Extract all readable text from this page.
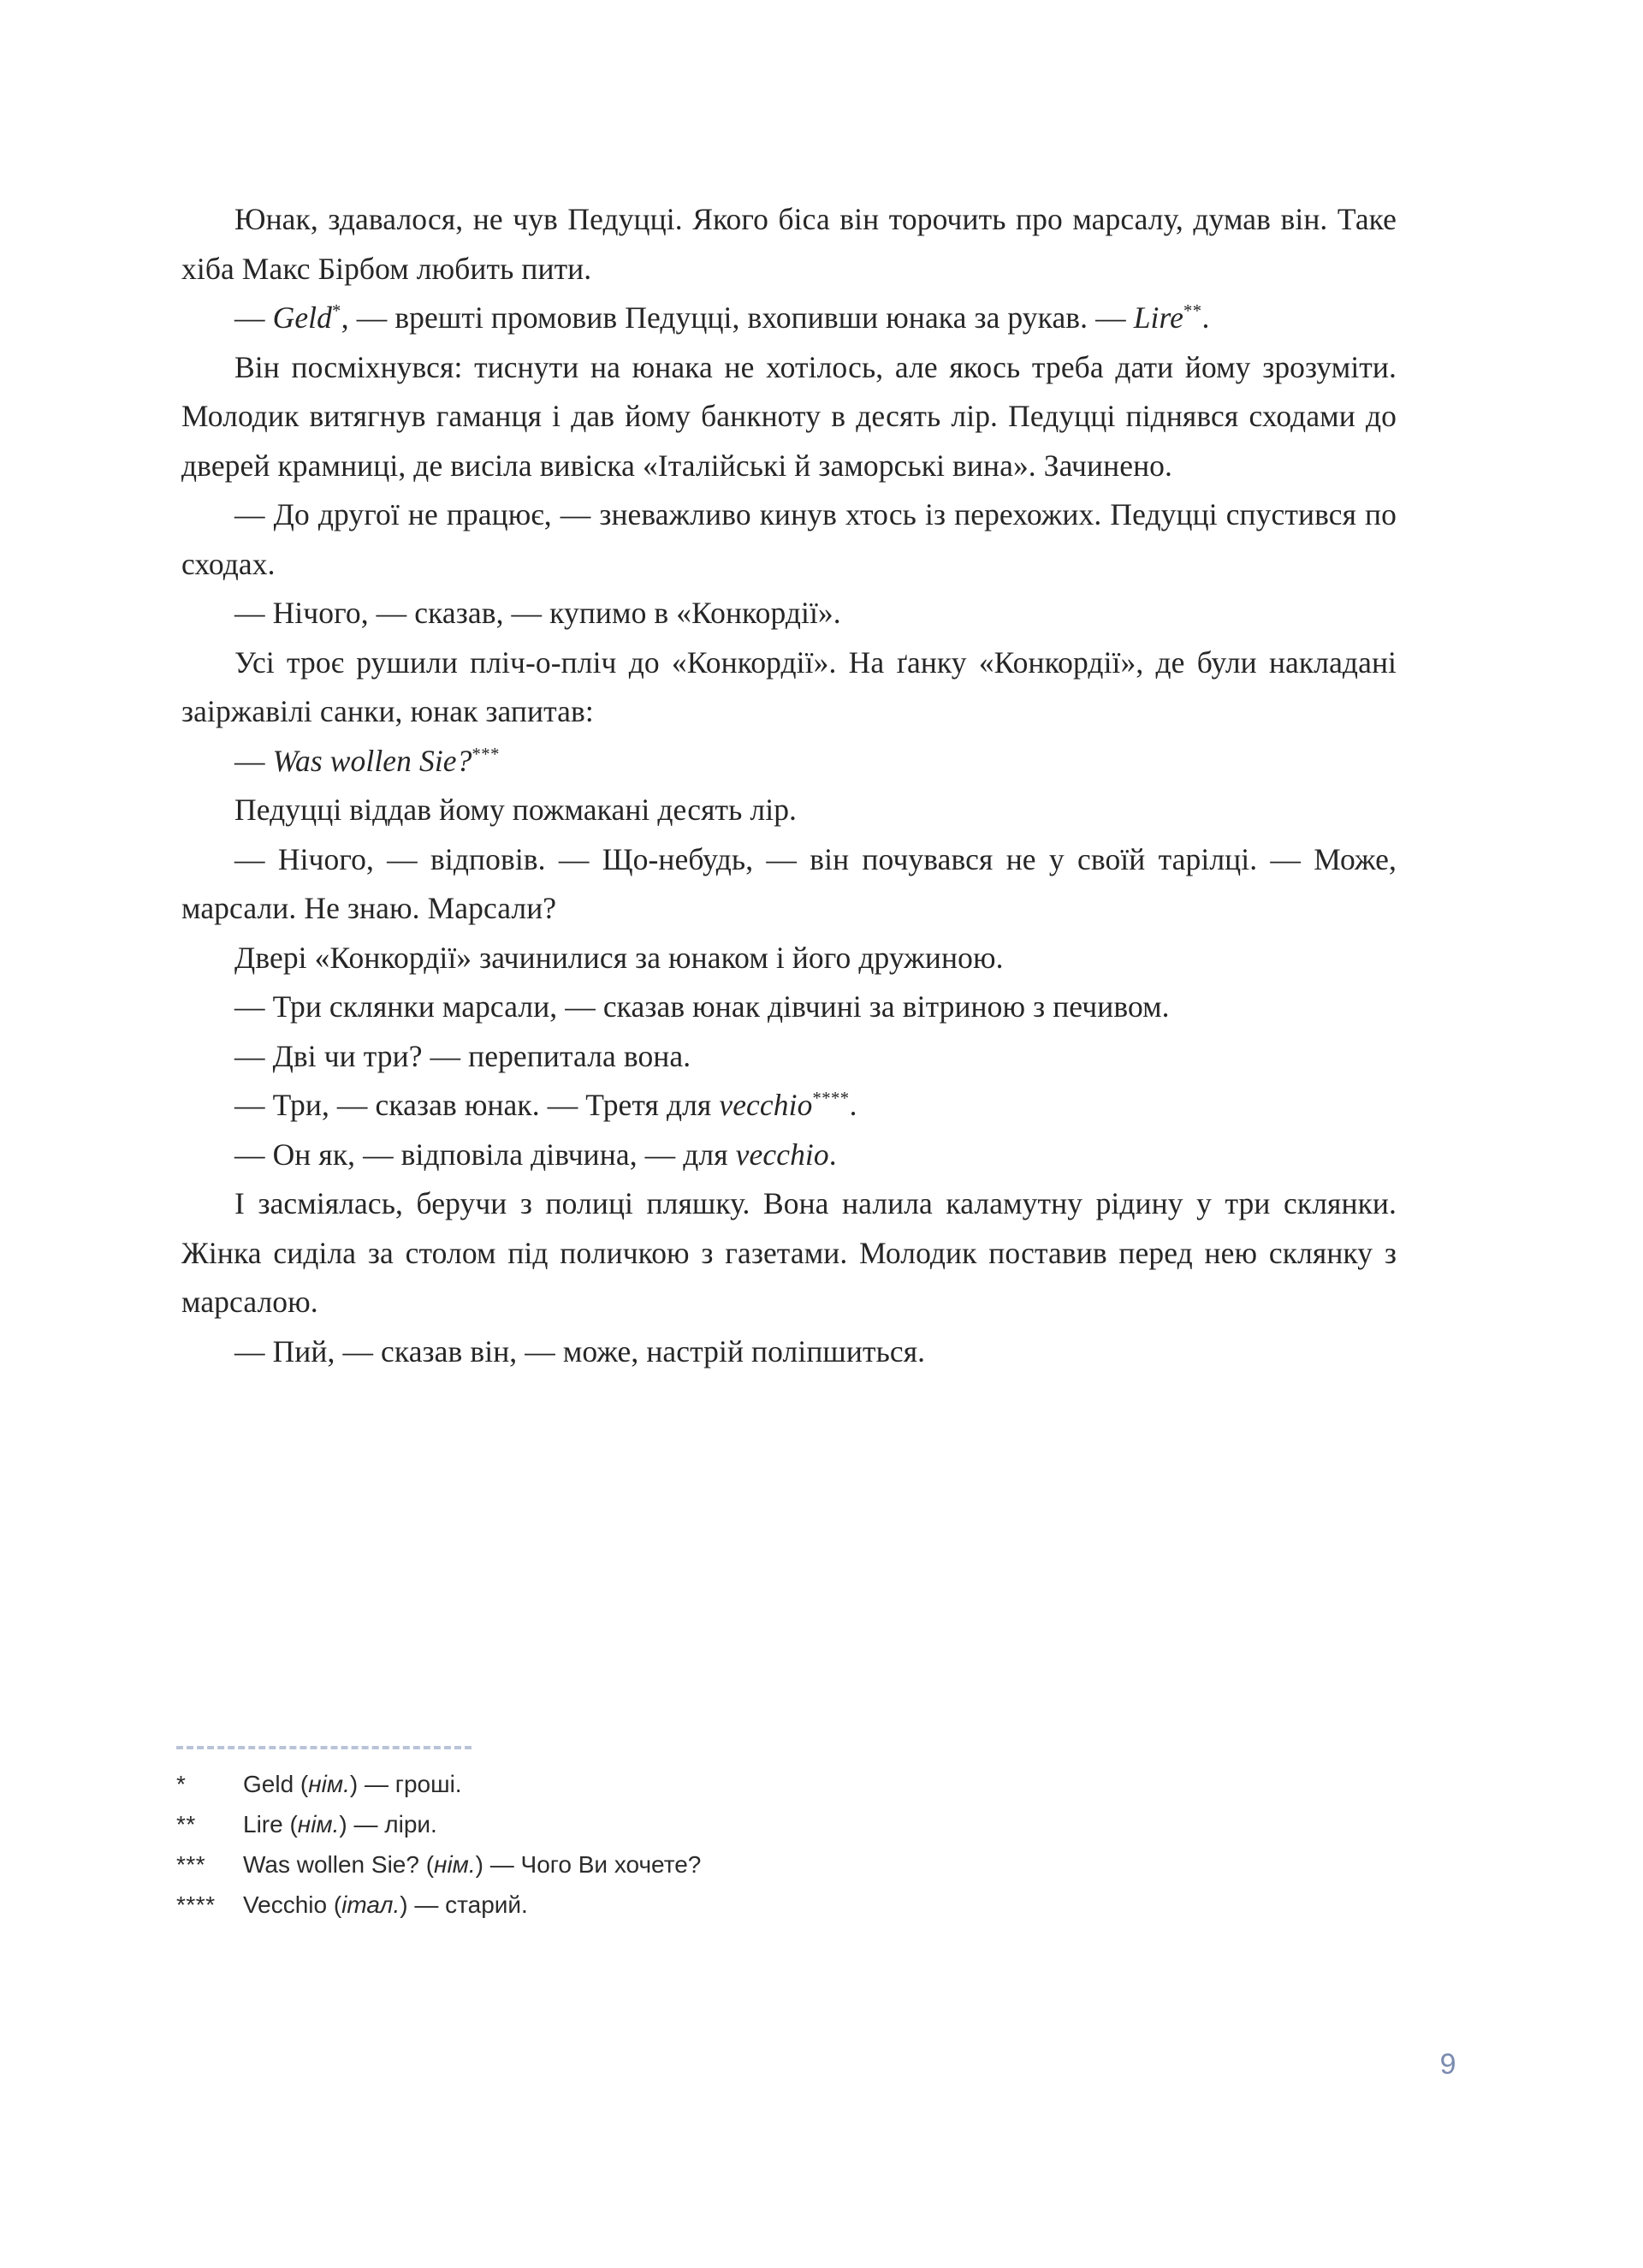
Юнак, здавалося, не чув Педуцці. Якого біса він торочить про марсалу, думав він. Таке хіба Макс Бірбом любить пити.

— Geld*, — врешті промовив Педуцці, вхопивши юнака за рукав. — Lire**.

Він посміхнувся: тиснути на юнака не хотілось, але якось треба дати йому зрозуміти. Молодик витягнув гаманця і дав йому банкноту в десять лір. Педуцці піднявся сходами до дверей крамниці, де висіла вивіска «Італійські й заморські вина». Зачинено.

— До другої не працює, — зневажливо кинув хтось із перехожих. Педуцці спустився по сходах.

— Нічого, — сказав, — купимо в «Конкордії».

Усі троє рушили пліч-о-пліч до «Конкордії». На ґанку «Конкордії», де були накладані заіржавілі санки, юнак запитав:

— Was wollen Sie?***

Педуцці віддав йому пожмакані десять лір.

— Нічого, — відповів. — Що-небудь, — він почувався не у своїй тарілці. — Може, марсали. Не знаю. Марсали?

Двері «Конкордії» зачинилися за юнаком і його дружиною.

— Три склянки марсали, — сказав юнак дівчині за вітриною з печивом.

— Дві чи три? — перепитала вона.

— Три, — сказав юнак. — Третя для vecchio****.

— Он як, — відповіла дівчина, — для vecchio.

І засміялась, беручи з полиці пляшку. Вона налила каламутну рідину у три склянки. Жінка сиділа за столом під поличкою з газетами. Молодик поставив перед нею склянку з марсалою.

— Пий, — сказав він, — може, настрій поліпшиться.

*	Geld (нім.) — гроші.
**	Lire (нім.) — ліри.
***	Was wollen Sie? (нім.) — Чого Ви хочете?
****	Vecchio (італ.) — старий.
9
